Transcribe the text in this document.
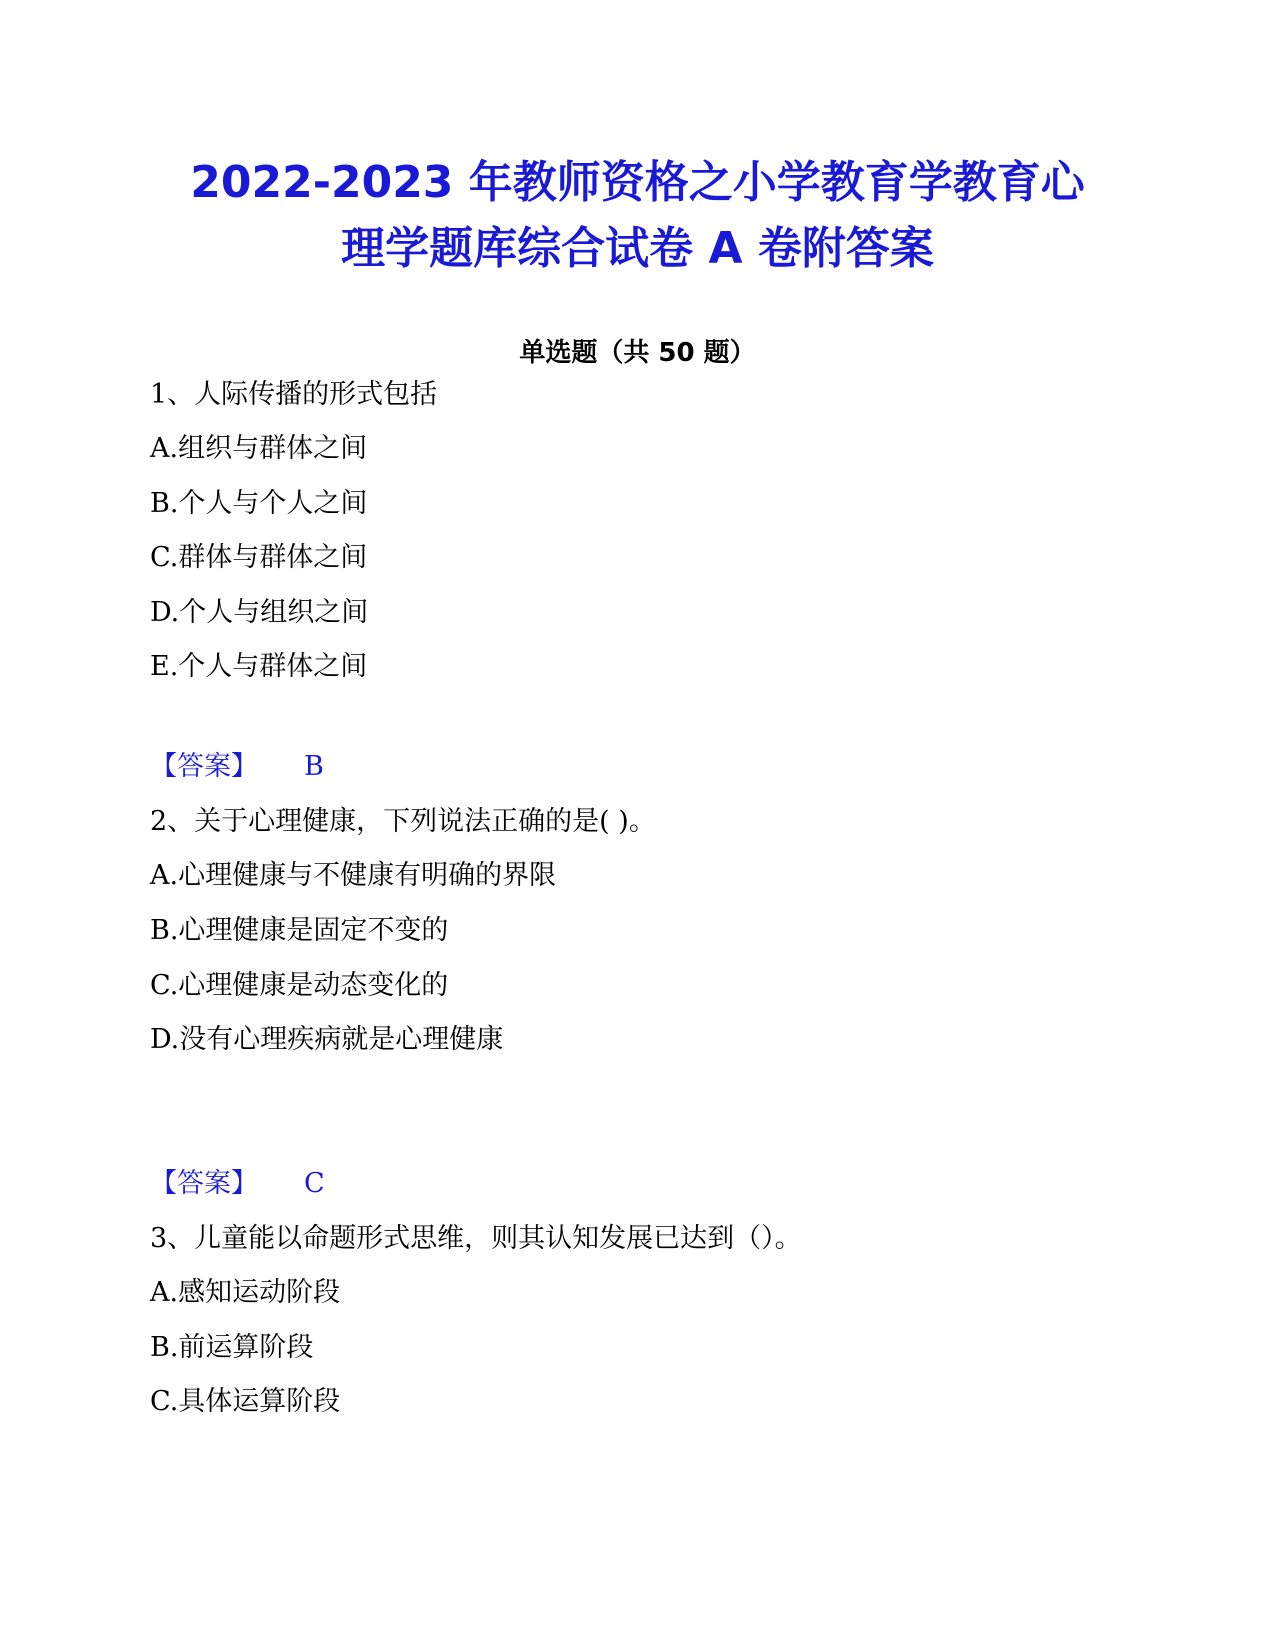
2022-2023 年教师资格之小学教育学教育心
理学题库综合试卷 A 卷附答案
单选题（共 50 题）
1、人际传播的形式包括
A.组织与群体之间
B.个人与个人之间
C.群体与群体之间
D.个人与组织之间
E.个人与群体之间
【答案】 B
2、关于心理健康，下列说法正确的是( )。
A.心理健康与不健康有明确的界限
B.心理健康是固定不变的
C.心理健康是动态变化的
D.没有心理疾病就是心理健康
【答案】 C
3、儿童能以命题形式思维，则其认知发展已达到（）。
A.感知运动阶段
B.前运算阶段
C.具体运算阶段
